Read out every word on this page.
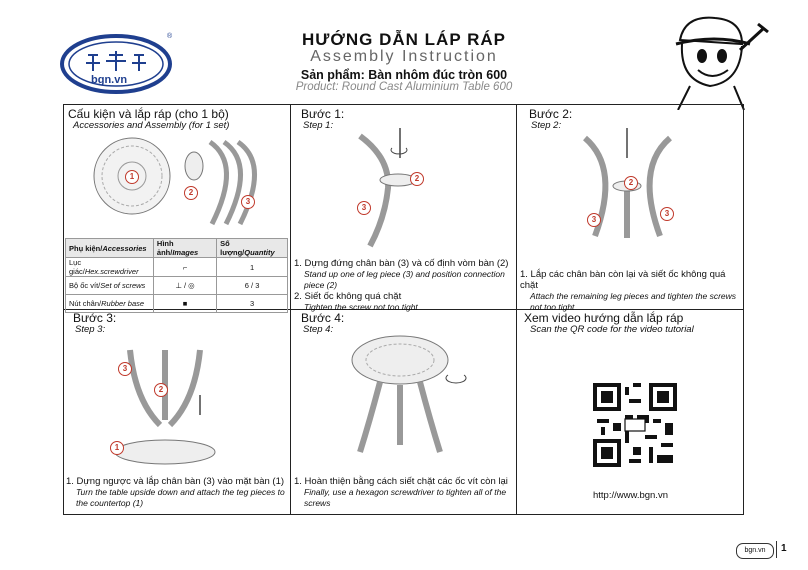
bgn.vn
®	HƯỚNG DẪN LÁP RÁP
Assembly Instruction
Sản phẩm: Bàn nhôm đúc tròn 600
Product: Round Cast Aluminium Table 600
Cấu kiện và lắp ráp (cho 1 bộ)
Accessories and Assembly (for 1 set)
1
2
3
Phụ kiện/Accessories	Hình ảnh/Images	Số lượng/Quantity
Lục giác/Hex.screwdriver	⌐	1
Bộ ốc vít/Set of screws	⊥ / ◎	6 / 3
Nút chân/Rubber base	■	3
Bước 1:
Step 1:
2
3
1. Dựng đứng chân bàn (3) và cố định vòm bàn (2)
Stand up one of leg piece (3) and position connection piece (2)
2. Siết ốc không quá chặt
Tighten the screw not too tight
Bước 2:
Step 2:
2
3
3
1. Lắp các chân bàn còn lại và siết ốc không quá chặt
Attach the remaining leg pieces and tighten the screws not too tight
Bước 3:
Step 3:
3
2
1
1. Dựng ngược và lắp chân bàn (3) vào mặt bàn (1)
Turn the table upside down and attach the teg pieces to the countertop (1)
Bước 4:
Step 4:
1. Hoàn thiện bằng cách siết chặt các ốc vít còn lại
Finally, use a hexagon screwdriver to tighten all of the screws
Xem video hướng dẫn lắp ráp
Scan the QR code for the video tutorial
http://www.bgn.vn
bgn.vn	1
